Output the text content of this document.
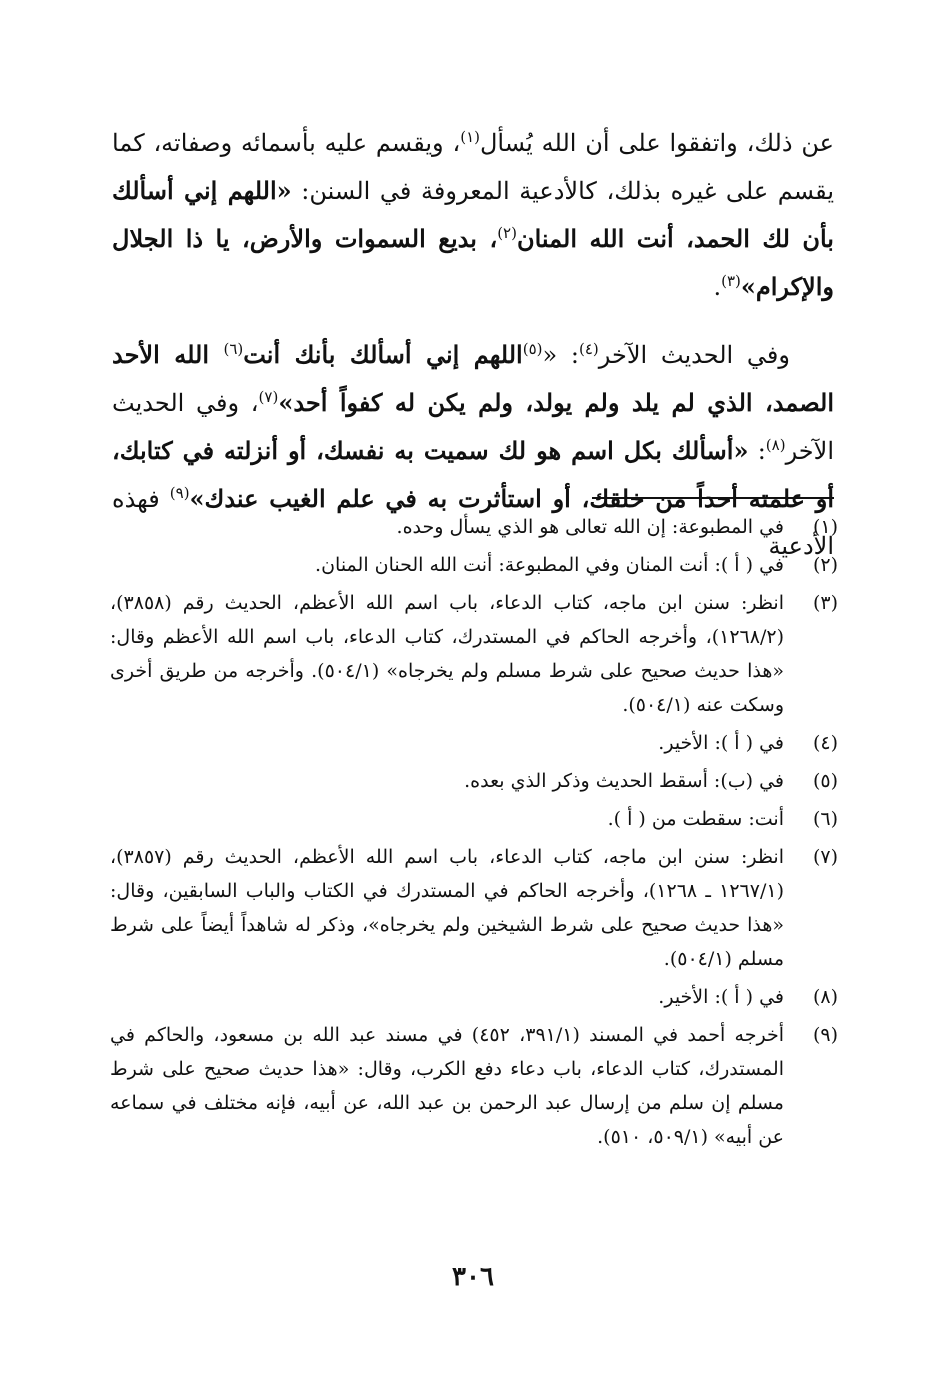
عن ذلك، واتفقوا على أن الله يُسأل$^{(١)}$، ويقسم عليه بأسمائه وصفاته، كما يقسم على غيره بذلك، كالأدعية المعروفة في السنن: «اللهم إني أسألك بأن لك الحمد، أنت الله المنان$^{(٢)}$، بديع السموات والأرض، يا ذا الجلال والإكرام»$^{(٣)}$.

وفي الحديث الآخر$^{(٤)}$: «$^{(٥)}$اللهم إني أسألك بأنك أنت$^{(٦)}$ الله الأحد الصمد، الذي لم يلد ولم يولد، ولم يكن له كفواً أحد»$^{(٧)}$، وفي الحديث الآخر$^{(٨)}$: «أسألك بكل اسم هو لك سميت به نفسك، أو أنزلته في كتابك، أو علمته أحداً من خلقك، أو استأثرت به في علم الغيب عندك»$^{(٩)}$ فهذه الأدعية

(١)
في المطبوعة: إن الله تعالى هو الذي يسأل وحده.
(٢)
في ( أ ): أنت المنان وفي المطبوعة: أنت الله الحنان المنان.
(٣)
انظر: سنن ابن ماجه، كتاب الدعاء، باب اسم الله الأعظم، الحديث رقم (٣٨٥٨)، (١٢٦٨/٢)، وأخرجه الحاكم في المستدرك، كتاب الدعاء، باب اسم الله الأعظم وقال: «هذا حديث صحيح على شرط مسلم ولم يخرجاه» (٥٠٤/١). وأخرجه من طريق أخرى وسكت عنه (٥٠٤/١).
(٤)
في ( أ ): الأخير.
(٥)
في (ب): أسقط الحديث وذكر الذي بعده.
(٦)
أنت: سقطت من ( أ ).
(٧)
انظر: سنن ابن ماجه، كتاب الدعاء، باب اسم الله الأعظم، الحديث رقم (٣٨٥٧)، (١٢٦٧/١ ـ ١٢٦٨)، وأخرجه الحاكم في المستدرك في الكتاب والباب السابقين، وقال: «هذا حديث صحيح على شرط الشيخين ولم يخرجاه»، وذكر له شاهداً أيضاً على شرط مسلم (٥٠٤/١).
(٨)
في ( أ ): الأخير.
(٩)
أخرجه أحمد في المسند (٣٩١/١، ٤٥٢) في مسند عبد الله بن مسعود، والحاكم في المستدرك، كتاب الدعاء، باب دعاء دفع الكرب، وقال: «هذا حديث صحيح على شرط مسلم إن سلم من إرسال عبد الرحمن بن عبد الله، عن أبيه، فإنه مختلف في سماعه عن أبيه» (٥٠٩/١، ٥١٠).
٣٠٦
